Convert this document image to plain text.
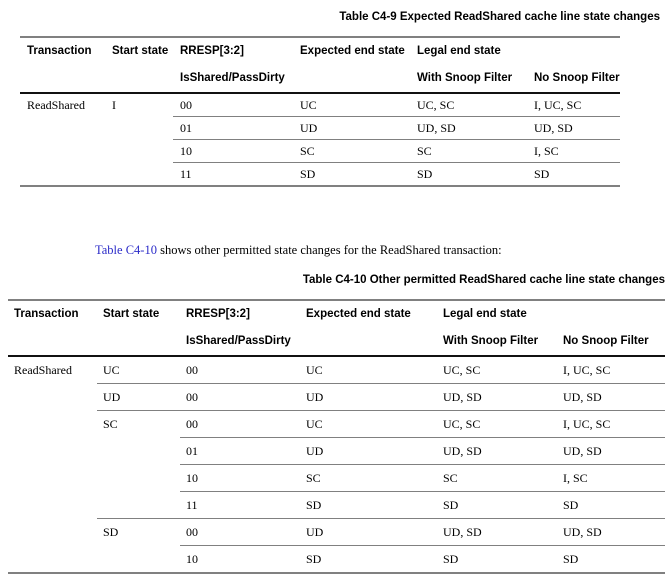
Table C4-9 Expected ReadShared cache line state changes
Transaction	Start state	RRESP[3:2]	Expected end state	Legal end state	
		IsShared/PassDirty		With Snoop Filter	No Snoop Filter
ReadShared	I	00	UC	UC, SC	I, UC, SC
		01	UD	UD, SD	UD, SD
		10	SC	SC	I, SC
		11	SD	SD	SD

Table C4-10 shows other permitted state changes for the ReadShared transaction:

Table C4-10 Other permitted ReadShared cache line state changes
Transaction	Start state	RRESP[3:2]	Expected end state	Legal end state	
		IsShared/PassDirty		With Snoop Filter	No Snoop Filter
ReadShared	UC	00	UC	UC, SC	I, UC, SC
	UD	00	UD	UD, SD	UD, SD
	SC	00	UC	UC, SC	I, UC, SC
		01	UD	UD, SD	UD, SD
		10	SC	SC	I, SC
		11	SD	SD	SD
	SD	00	UD	UD, SD	UD, SD
		10	SD	SD	SD
